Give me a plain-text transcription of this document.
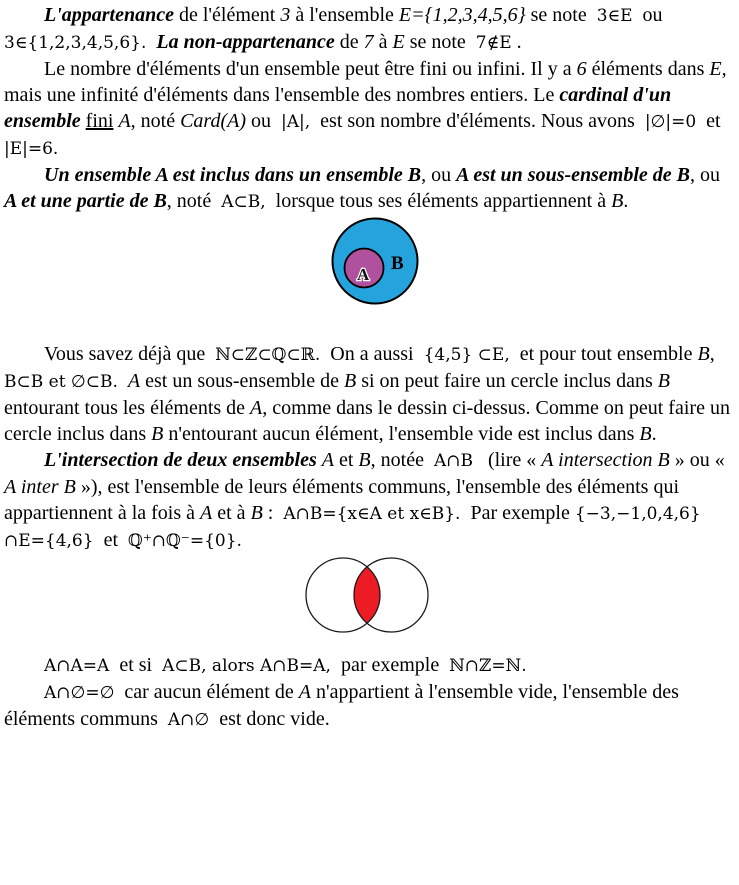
L'appartenance de l'élément 3 à l'ensemble E={1,2,3,4,5,6} se note  3∈E  ou 3∈{1,2,3,4,5,6}. La non-appartenance de 7 à E se note  7∉E .

Le nombre d'éléments d'un ensemble peut être fini ou infini. Il y a 6 éléments dans E, mais une infinité d'éléments dans l'ensemble des nombres entiers. Le cardinal d'un ensemble fini A, noté Card(A) ou  |A|,  est son nombre d'éléments. Nous avons  |∅|=0  et  |E|=6.

Un ensemble A est inclus dans un ensemble B, ou A est un sous-ensemble de B, ou A et une partie de B, noté  A⊂B,  lorsque tous ses éléments appartiennent à B.

B
A

Vous savez déjà que  ℕ⊂ℤ⊂ℚ⊂ℝ.  On a aussi  {4,5} ⊂E,  et pour tout ensemble B,  B⊂B et ∅⊂B. A est un sous-ensemble de B si on peut faire un cercle inclus dans B entourant tous les éléments de A, comme dans le dessin ci-dessus. Comme on peut faire un cercle inclus dans B n'entourant aucun élément, l'ensemble vide est inclus dans B.

L'intersection de deux ensembles A et B, notée  A∩B   (lire « A intersection B » ou « A inter B »), est l'ensemble de leurs éléments communs, l'ensemble des éléments qui appartiennent à la fois à A et à B :  A∩B={x∈A et x∈B}.  Par exemple {−3,−1,0,4,6}∩E={4,6}  et  ℚ⁺∩ℚ⁻={0}.

A∩A=A  et si  A⊂B, alors A∩B=A,  par exemple  ℕ∩ℤ=ℕ.

A∩∅=∅  car aucun élément de A n'appartient à l'ensemble vide, l'ensemble des éléments communs  A∩∅  est donc vide.
